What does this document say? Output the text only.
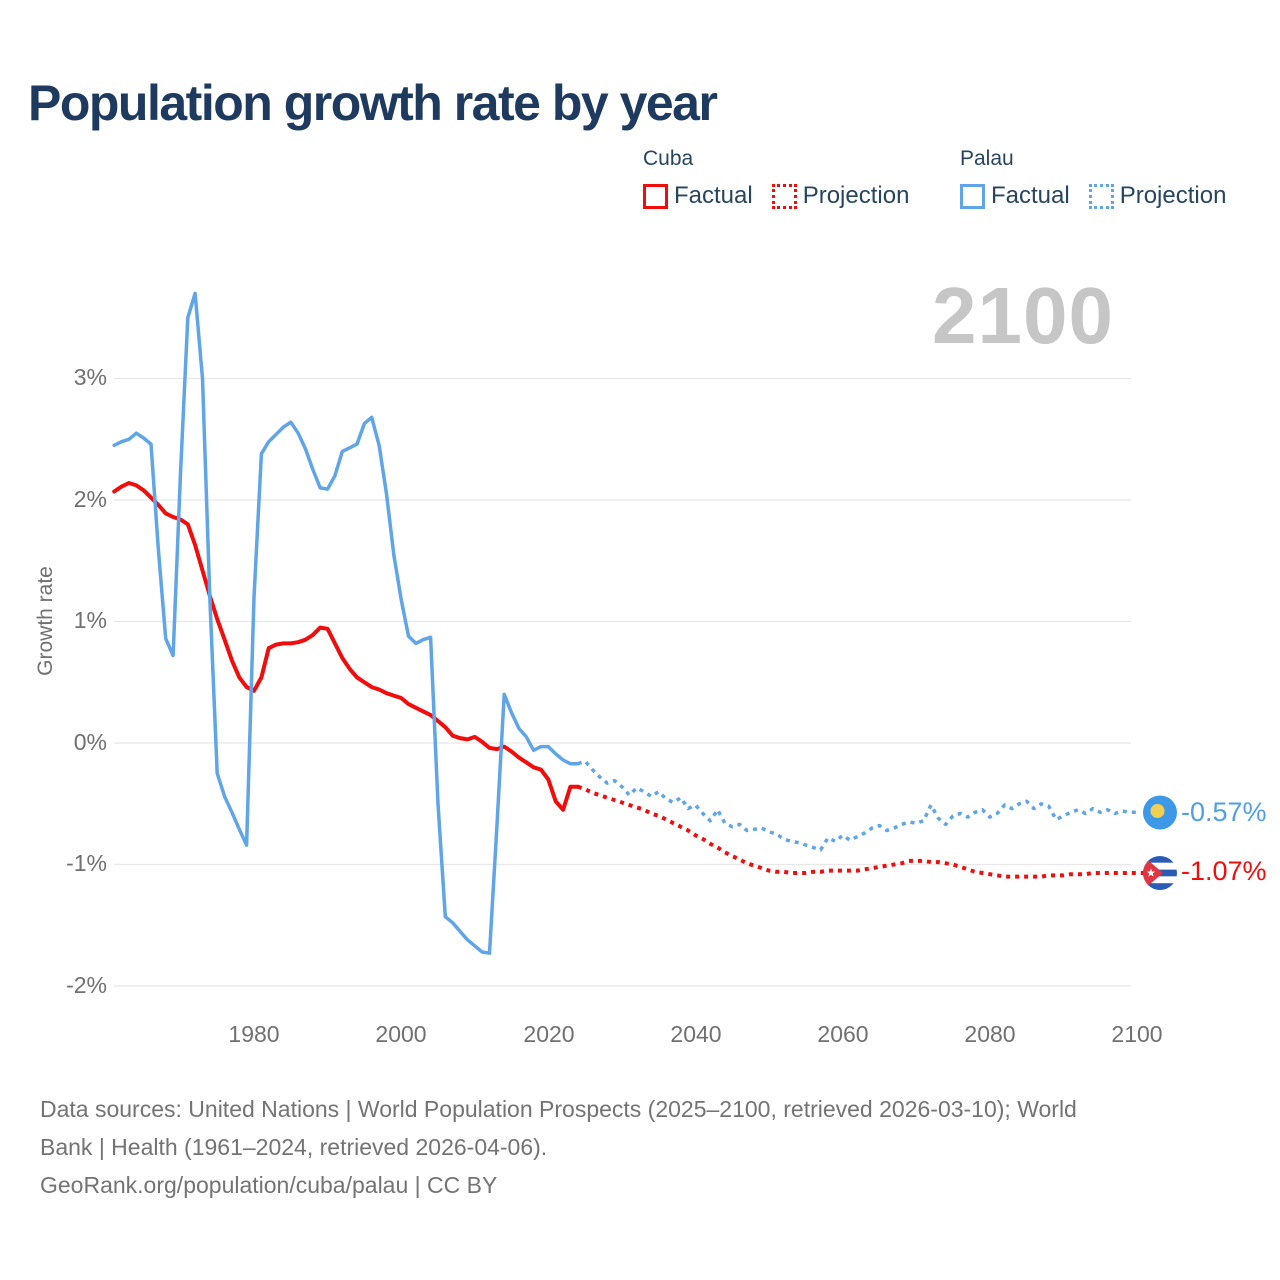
Population growth rate by year
Cuba
Factual Projection
Palau
Factual Projection
2100
3%
2%
1%
0%
-1%
-2%
1980	2000	2020	2040	2060	2080	2100
Growth rate
-0.57%
-1.07%
Data sources: United Nations | World Population Prospects (2025–2100, retrieved 2026-03-10); World
Bank | Health (1961–2024, retrieved 2026-04-06).
GeoRank.org/population/cuba/palau | CC BY
